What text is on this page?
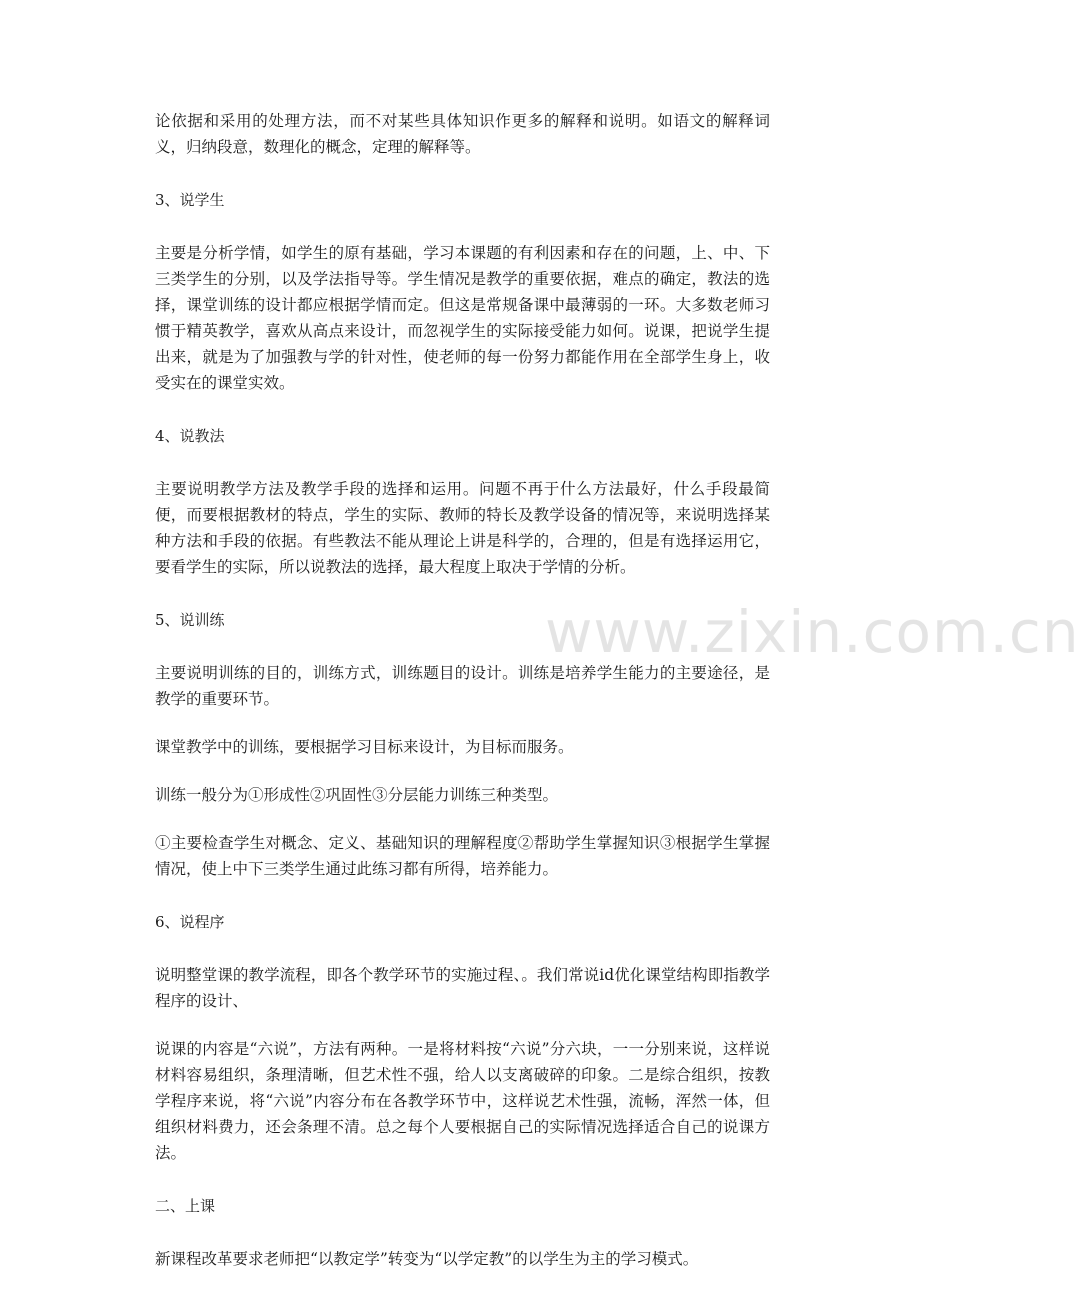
论依据和采用的处理方法，而不对某些具体知识作更多的解释和说明。如语文的解释词义，归纳段意，数理化的概念，定理的解释等。

3、说学生

主要是分析学情，如学生的原有基础，学习本课题的有利因素和存在的问题，上、中、下三类学生的分别，以及学法指导等。学生情况是教学的重要依据，难点的确定，教法的选择，课堂训练的设计都应根据学情而定。但这是常规备课中最薄弱的一环。大多数老师习惯于精英教学，喜欢从高点来设计，而忽视学生的实际接受能力如何。说课，把说学生提出来，就是为了加强教与学的针对性，使老师的每一份努力都能作用在全部学生身上，收受实在的课堂实效。

4、说教法

主要说明教学方法及教学手段的选择和运用。问题不再于什么方法最好，什么手段最简便，而要根据教材的特点，学生的实际、教师的特长及教学设备的情况等，来说明选择某种方法和手段的依据。有些教法不能从理论上讲是科学的，合理的，但是有选择运用它，要看学生的实际，所以说教法的选择，最大程度上取决于学情的分析。

5、说训练

主要说明训练的目的，训练方式，训练题目的设计。训练是培养学生能力的主要途径，是教学的重要环节。

课堂教学中的训练，要根据学习目标来设计，为目标而服务。

训练一般分为①形成性②巩固性③分层能力训练三种类型。

①主要检查学生对概念、定义、基础知识的理解程度②帮助学生掌握知识③根据学生掌握情况，使上中下三类学生通过此练习都有所得，培养能力。

6、说程序

说明整堂课的教学流程，即各个教学环节的实施过程、。我们常说id优化课堂结构即指教学程序的设计、

说课的内容是“六说”，方法有两种。一是将材料按“六说”分六块，一一分别来说，这样说材料容易组织，条理清晰，但艺术性不强，给人以支离破碎的印象。二是综合组织，按教学程序来说，将“六说”内容分布在各教学环节中，这样说艺术性强，流畅，浑然一体，但组织材料费力，还会条理不清。总之每个人要根据自己的实际情况选择适合自己的说课方法。

二、上课

新课程改革要求老师把“以教定学”转变为“以学定教”的以学生为主的学习模式。

www.zixin.com.cn
